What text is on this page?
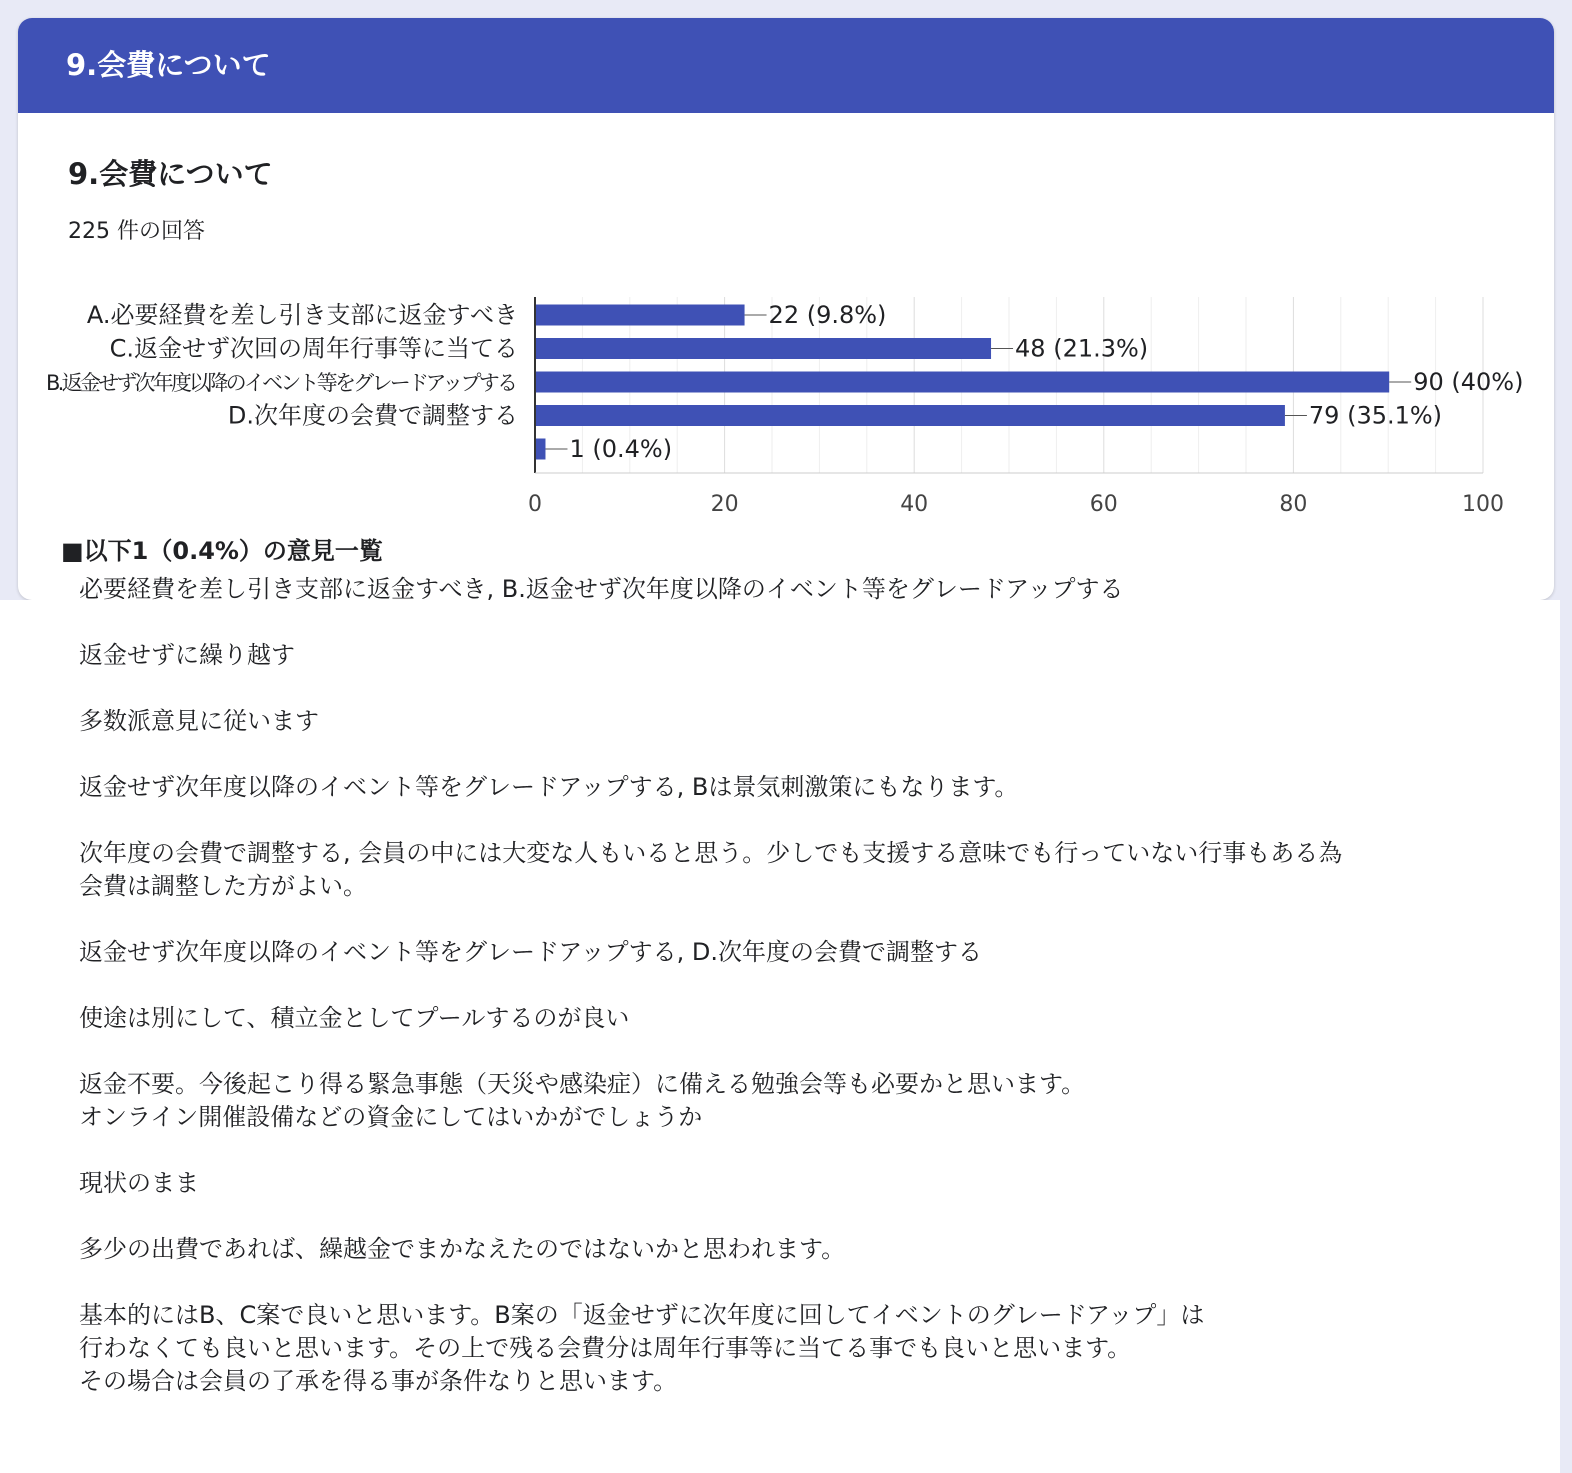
9.会費について
9.会費について
225 件の回答
A.必要経費を差し引き支部に返金すべき
C.返金せず次回の周年行事等に当てる
B.返金せず次年度以降のイベント等をグレードアップする
D.次年度の会費で調整する
22 (9.8%)
48 (21.3%)
90 (40%)
79 (35.1%)
1 (0.4%)
0	20	40	60	80	100
■以下1（0.4%）の意見一覧
必要経費を差し引き支部に返金すべき, B.返金せず次年度以降のイベント等をグレードアップする
返金せずに繰り越す
多数派意見に従います
返金せず次年度以降のイベント等をグレードアップする, Bは景気刺激策にもなります。
次年度の会費で調整する, 会員の中には大変な人もいると思う。少しでも支援する意味でも行っていない行事もある為
会費は調整した方がよい。
返金せず次年度以降のイベント等をグレードアップする, D.次年度の会費で調整する
使途は別にして、積立金としてプールするのが良い
返金不要。今後起こり得る緊急事態（天災や感染症）に備える勉強会等も必要かと思います。
オンライン開催設備などの資金にしてはいかがでしょうか
現状のまま
多少の出費であれば、繰越金でまかなえたのではないかと思われます。
基本的にはB、C案で良いと思います。B案の「返金せずに次年度に回してイベントのグレードアップ」は
行わなくても良いと思います。その上で残る会費分は周年行事等に当てる事でも良いと思います。
その場合は会員の了承を得る事が条件なりと思います。
